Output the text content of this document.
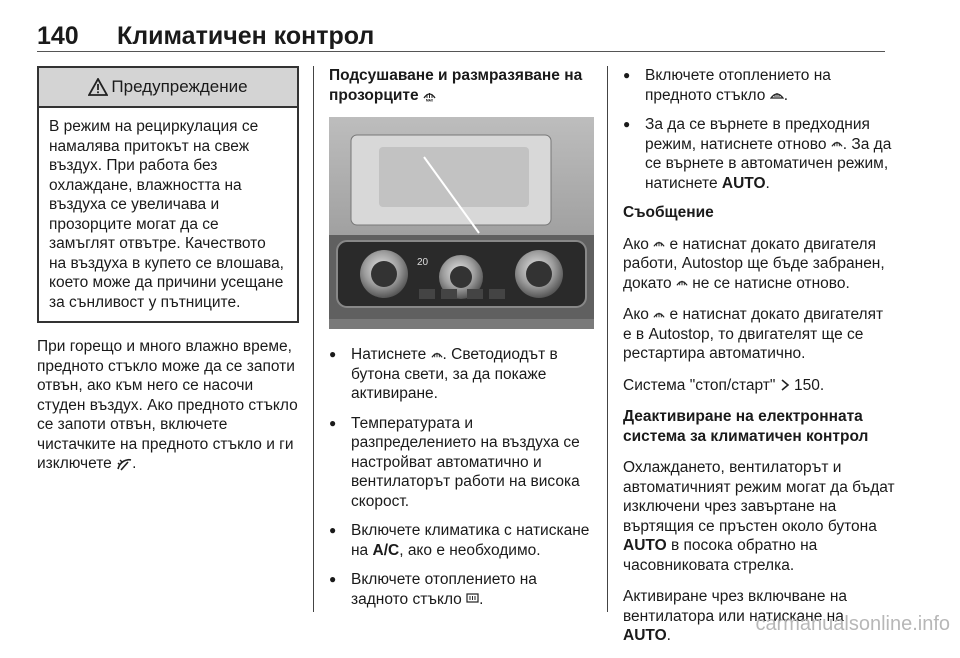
140 Климатичен контрол
Предупреждение
В режим на рециркулация се намалява притокът на свеж въздух. При работа без охлаждане, влажността на въздуха се увеличава и прозорците могат да се замъглят отвътре. Качеството на въздуха в купето се влошава, което може да причини усещане за сънливост у пътниците.

При горещо и много влажно време, предното стъкло може да се запоти отвън, ако към него се насочи студен въздух. Ако предното стъкло се запоти отвън, включете чистачките на предното стъкло и ги изключете .

Подсушаване и размразяване на прозорците MAX

20
● Натиснете . Светодиодът в бутона свети, за да покаже активиране.
● Температурата и разпределението на въздуха се настройват автоматично и вентилаторът работи на висока скорост.
● Включете климатика с натискане на A/C, ако е необходимо.
● Включете отоплението на задното стъкло .
● Включете отоплението на предното стъкло .
● За да се върнете в предходния режим, натиснете отново . За да се върнете в автоматичен режим, натиснете AUTO.

Съобщение

Ако е натиснат докато двигателя работи, Autostop ще бъде забранен, докато не се натисне отново.

Ако е натиснат докато двигателят е в Autostop, то двигателят ще се рестартира автоматично.

Система "стоп/старт" 150.

Деактивиране на електронната система за климатичен контрол

Охлаждането, вентилаторът и автоматичният режим могат да бъдат изключени чрез завъртане на въртящия се пръстен около бутона AUTO в посока обратно на часовниковата стрелка.

Активиране чрез включване на вентилатора или натискане на AUTO.

carmanualsonline.info
